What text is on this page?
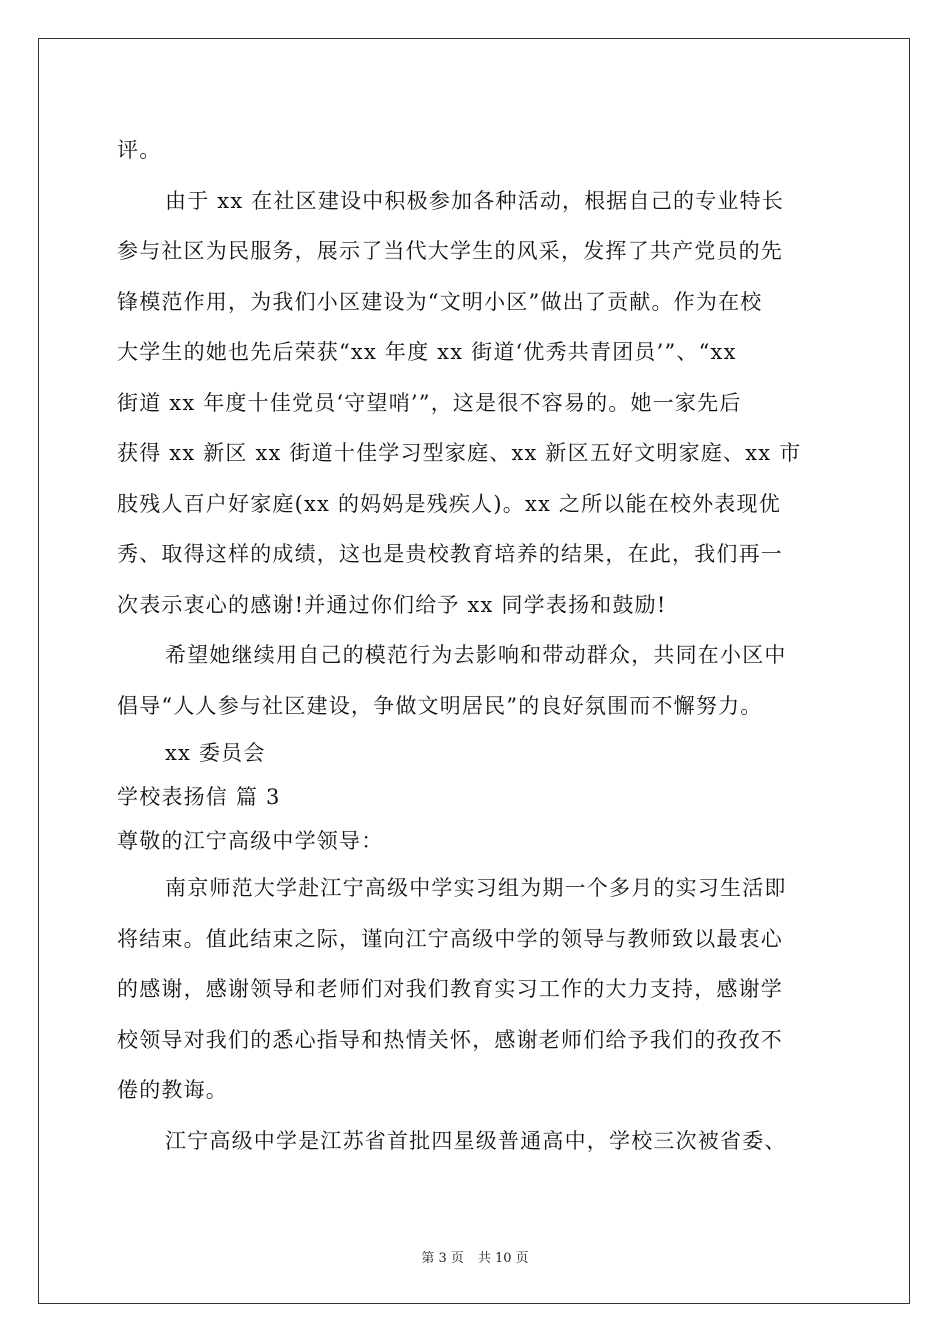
评。
由于 xx 在社区建设中积极参加各种活动，根据自己的专业特长
参与社区为民服务，展示了当代大学生的风采，发挥了共产党员的先
锋模范作用，为我们小区建设为“文明小区”做出了贡献。作为在校
大学生的她也先后荣获“xx 年度 xx 街道‘优秀共青团员’”、“xx
街道 xx 年度十佳党员‘守望哨’”，这是很不容易的。她一家先后
获得 xx 新区 xx 街道十佳学习型家庭、xx 新区五好文明家庭、xx 市
肢残人百户好家庭(xx 的妈妈是残疾人)。xx 之所以能在校外表现优
秀、取得这样的成绩，这也是贵校教育培养的结果，在此，我们再一
次表示衷心的感谢!并通过你们给予 xx 同学表扬和鼓励!
希望她继续用自己的模范行为去影响和带动群众，共同在小区中
倡导“人人参与社区建设，争做文明居民”的良好氛围而不懈努力。
xx 委员会
学校表扬信 篇 3
尊敬的江宁高级中学领导：
南京师范大学赴江宁高级中学实习组为期一个多月的实习生活即
将结束。值此结束之际，谨向江宁高级中学的领导与教师致以最衷心
的感谢，感谢领导和老师们对我们教育实习工作的大力支持，感谢学
校领导对我们的悉心指导和热情关怀，感谢老师们给予我们的孜孜不
倦的教诲。
江宁高级中学是江苏省首批四星级普通高中，学校三次被省委、
第 3 页 共 10 页
